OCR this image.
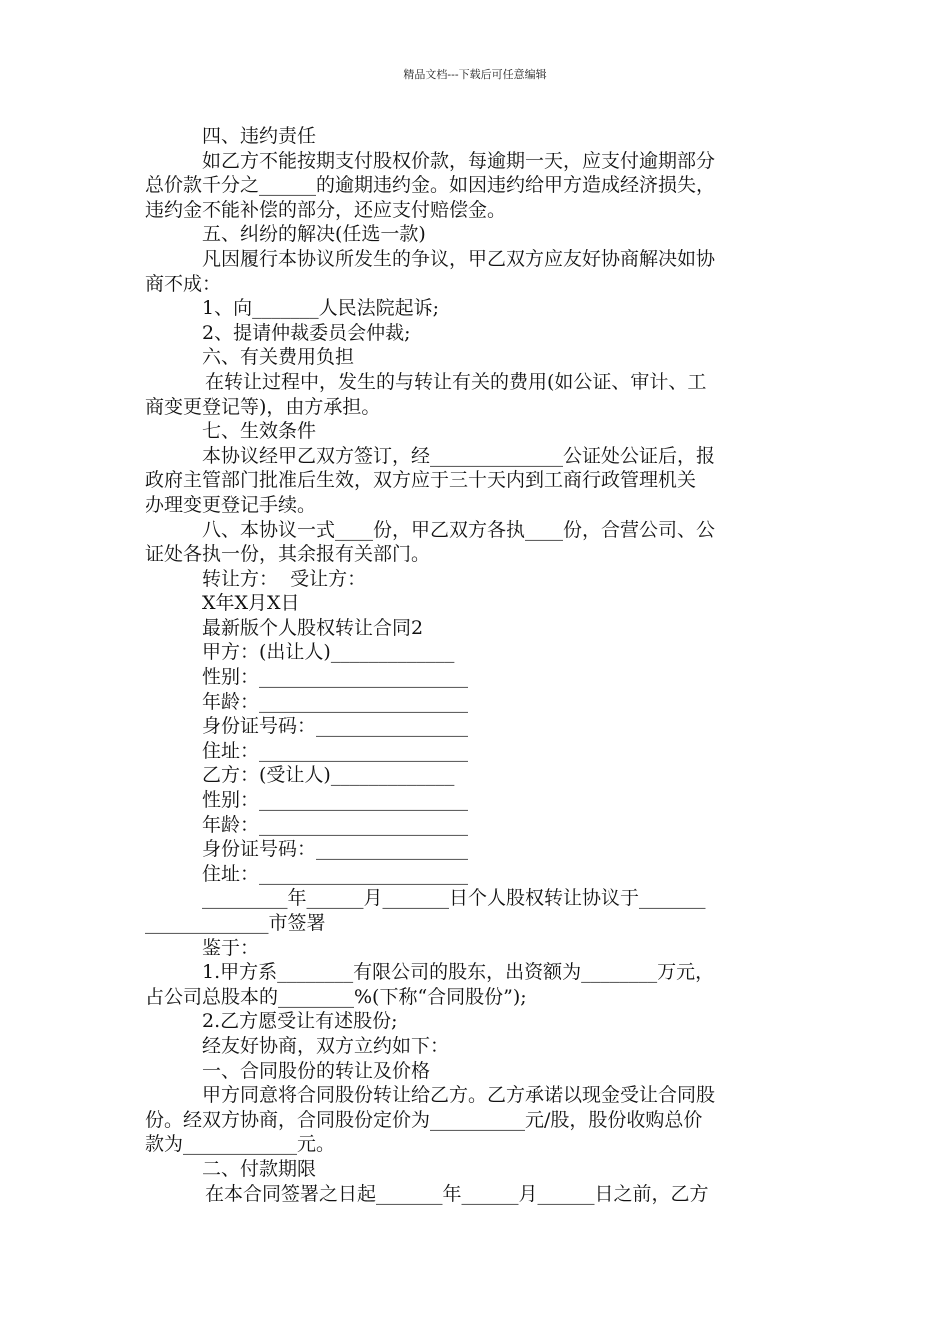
精品文档---下载后可任意编辑

四、违约责任

如乙方不能按期支付股权价款，每逾期一天，应支付逾期部分

总价款千分之______的逾期违约金。如因违约给甲方造成经济损失，

违约金不能补偿的部分，还应支付赔偿金。

五、纠纷的解决(任选一款)

凡因履行本协议所发生的争议，甲乙双方应友好协商解决如协

商不成：

1、向_______人民法院起诉;

2、提请仲裁委员会仲裁;

六、有关费用负担

在转让过程中，发生的与转让有关的费用(如公证、审计、工

商变更登记等)，由方承担。

七、生效条件

本协议经甲乙双方签订，经______________公证处公证后，报

政府主管部门批准后生效，双方应于三十天内到工商行政管理机关

办理变更登记手续。

八、本协议一式____份，甲乙双方各执____份，合营公司、公

证处各执一份，其余报有关部门。

转让方：  受让方：

X年X月X日

最新版个人股权转让合同2

甲方：(出让人)_____________

性别：______________________

年龄：______________________

身份证号码：________________

住址：______________________

乙方：(受让人)_____________

性别：______________________

年龄：______________________

身份证号码：________________

住址：______________________

_________年______月_______日个人股权转让协议于_______

_____________市签署

鉴于：

1.甲方系________有限公司的股东，出资额为________万元，

占公司总股本的________%(下称“合同股份”);

2.乙方愿受让有述股份;

经友好协商，双方立约如下：

一、合同股份的转让及价格

甲方同意将合同股份转让给乙方。乙方承诺以现金受让合同股

份。经双方协商，合同股份定价为__________元/股，股份收购总价

款为____________元。

二、付款期限

在本合同签署之日起_______年______月______日之前，乙方
